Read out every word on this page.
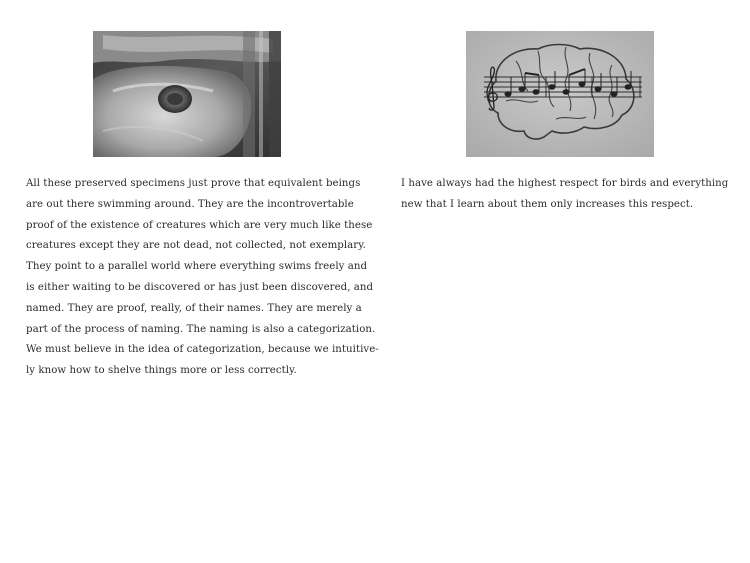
All these preserved specimens just prove that equivalent beings
are out there swimming around. They are the incontrovertable
proof of the existence of creatures which are very much like these
creatures except they are not dead, not collected, not exemplary.
They point to a parallel world where everything swims freely and
is either waiting to be discovered or has just been discovered, and
named. They are proof, really, of their names. They are merely a
part of the process of naming. The naming is also a categorization.
We must believe in the idea of categorization, because we intuitive-
ly know how to shelve things more or less correctly.

I have always had the highest respect for birds and everything
new that I learn about them only increases this respect.
